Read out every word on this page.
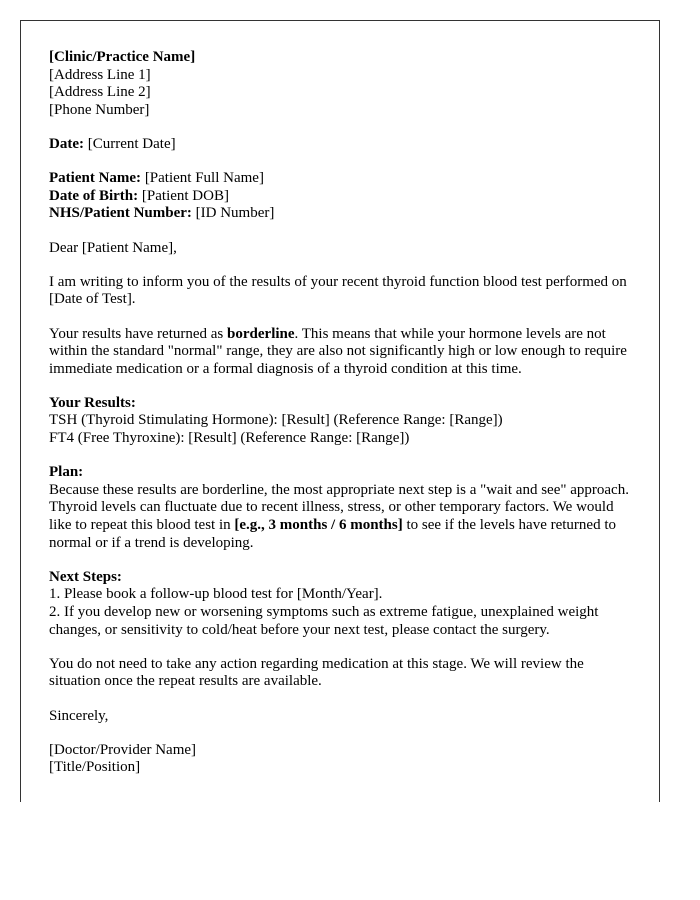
[Clinic/Practice Name]
[Address Line 1]
[Address Line 2]
[Phone Number]

Date: [Current Date]

Patient Name: [Patient Full Name]
Date of Birth: [Patient DOB]
NHS/Patient Number: [ID Number]

Dear [Patient Name],

I am writing to inform you of the results of your recent thyroid function blood test performed on [Date of Test].

Your results have returned as borderline. This means that while your hormone levels are not within the standard "normal" range, they are also not significantly high or low enough to require immediate medication or a formal diagnosis of a thyroid condition at this time.

Your Results:
TSH (Thyroid Stimulating Hormone): [Result] (Reference Range: [Range])
FT4 (Free Thyroxine): [Result] (Reference Range: [Range])

Plan:
Because these results are borderline, the most appropriate next step is a "wait and see" approach. Thyroid levels can fluctuate due to recent illness, stress, or other temporary factors. We would like to repeat this blood test in [e.g., 3 months / 6 months] to see if the levels have returned to normal or if a trend is developing.

Next Steps:
1. Please book a follow-up blood test for [Month/Year].
2. If you develop new or worsening symptoms such as extreme fatigue, unexplained weight changes, or sensitivity to cold/heat before your next test, please contact the surgery.

You do not need to take any action regarding medication at this stage. We will review the situation once the repeat results are available.

Sincerely,

[Doctor/Provider Name]
[Title/Position]
